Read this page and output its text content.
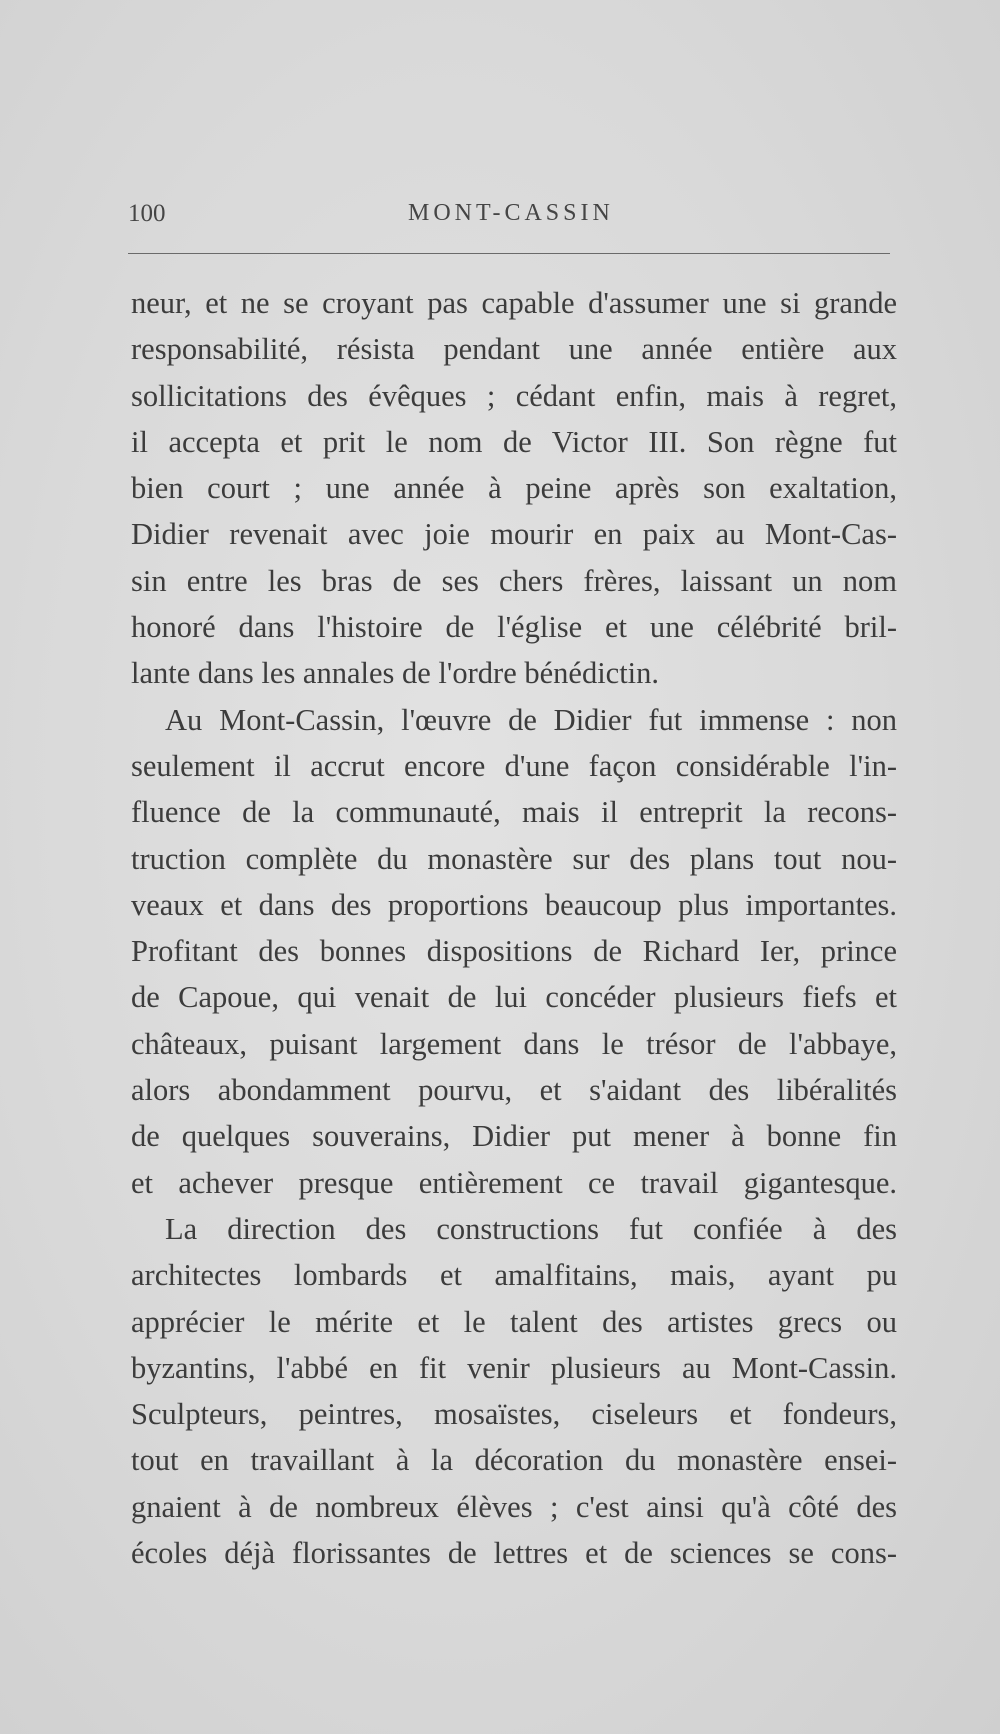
100	MONT-CASSIN
neur, et ne se croyant pas capable d'assumer une si grande
responsabilité, résista pendant une année entière aux
sollicitations des évêques ; cédant enfin, mais à regret,
il accepta et prit le nom de Victor III. Son règne fut
bien court ; une année à peine après son exaltation,
Didier revenait avec joie mourir en paix au Mont-Cas-
sin entre les bras de ses chers frères, laissant un nom
honoré dans l'histoire de l'église et une célébrité bril-
lante dans les annales de l'ordre bénédictin.
Au Mont-Cassin, l'œuvre de Didier fut immense : non
seulement il accrut encore d'une façon considérable l'in-
fluence de la communauté, mais il entreprit la recons-
truction complète du monastère sur des plans tout nou-
veaux et dans des proportions beaucoup plus importantes.
Profitant des bonnes dispositions de Richard Ier, prince
de Capoue, qui venait de lui concéder plusieurs fiefs et
châteaux, puisant largement dans le trésor de l'abbaye,
alors abondamment pourvu, et s'aidant des libéralités
de quelques souverains, Didier put mener à bonne fin
et achever presque entièrement ce travail gigantesque.
La direction des constructions fut confiée à des
architectes lombards et amalfitains, mais, ayant pu
apprécier le mérite et le talent des artistes grecs ou
byzantins, l'abbé en fit venir plusieurs au Mont-Cassin.
Sculpteurs, peintres, mosaïstes, ciseleurs et fondeurs,
tout en travaillant à la décoration du monastère ensei-
gnaient à de nombreux élèves ; c'est ainsi qu'à côté des
écoles déjà florissantes de lettres et de sciences se cons-
